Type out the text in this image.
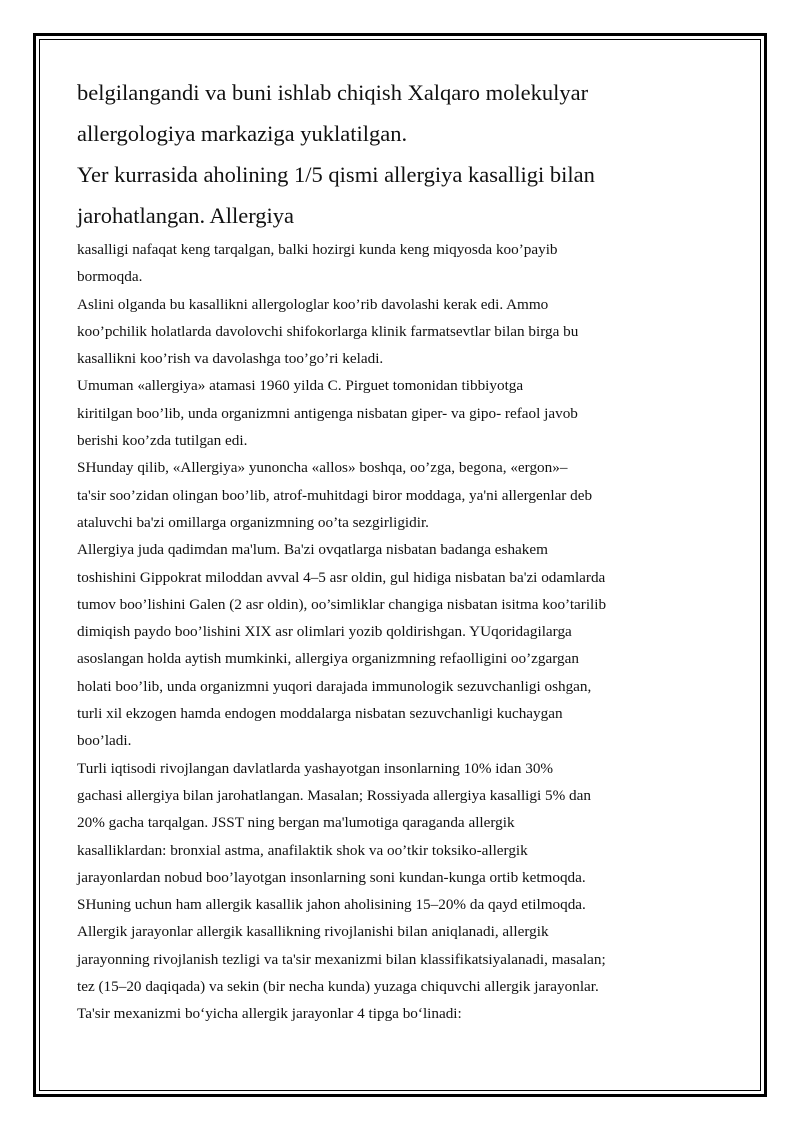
belgilangandi va buni ishlab chiqish Xalqaro molekulyar
allergologiya markaziga yuklatilgan.
Yer kurrasida aholining 1/5 qismi allergiya kasalligi bilan
jarohatlangan. Allergiya
kasalligi nafaqat keng tarqalgan, balki hozirgi kunda keng miqyosda koo’payib
bormoqda.
Aslini olganda bu kasallikni allergologlar koo’rib davolashi kerak edi. Ammo
koo’pchilik holatlarda davolovchi shifokorlarga klinik farmatsevtlar bilan birga bu
kasallikni koo’rish va davolashga too’go’ri keladi.
Umuman «allergiya» atamasi 1960 yilda C. Pirguet tomonidan tibbiyotga
kiritilgan boo’lib, unda organizmni antigenga nisbatan giper- va gipo- refaol javob
berishi koo’zda tutilgan edi.
SHunday qilib, «Allergiya» yunoncha «allos» boshqa, oo’zga, begona, «ergon»–
ta'sir soo’zidan olingan boo’lib, atrof-muhitdagi biror moddaga, ya'ni allergenlar deb
ataluvchi ba'zi omillarga organizmning oo’ta sezgirligidir.
Allergiya juda qadimdan ma'lum. Ba'zi ovqatlarga nisbatan badanga eshakem
toshishini Gippokrat miloddan avval 4–5 asr oldin, gul hidiga nisbatan ba'zi odamlarda
tumov boo’lishini Galen (2 asr oldin), oo’simliklar changiga nisbatan isitma koo’tarilib
dimiqish paydo boo’lishini XIX asr olimlari yozib qoldirishgan. YUqoridagilarga
asoslangan holda aytish mumkinki, allergiya organizmning refaolligini oo’zgargan
holati boo’lib, unda organizmni yuqori darajada immunologik sezuvchanligi oshgan,
turli xil ekzogen hamda endogen moddalarga nisbatan sezuvchanligi kuchaygan
boo’ladi.
Turli iqtisodi rivojlangan davlatlarda yashayotgan insonlarning 10% idan 30%
gachasi allergiya bilan jarohatlangan. Masalan; Rossiyada allergiya kasalligi 5% dan
20% gacha tarqalgan. JSST ning bergan ma'lumotiga qaraganda allergik
kasalliklardan: bronxial astma, anafilaktik shok va oo’tkir toksiko-allergik
jarayonlardan nobud boo’layotgan insonlarning soni kundan-kunga ortib ketmoqda.
SHuning uchun ham allergik kasallik jahon aholisining 15–20% da qayd etilmoqda.
Allergik jarayonlar allergik kasallikning rivojlanishi bilan aniqlanadi, allergik
jarayonning rivojlanish tezligi va ta'sir mexanizmi bilan klassifikatsiyalanadi, masalan;
tez (15–20 daqiqada) va sekin (bir necha kunda) yuzaga chiquvchi allergik jarayonlar.
Ta'sir mexanizmi bo‘yicha allergik jarayonlar 4 tipga bo‘linadi:
